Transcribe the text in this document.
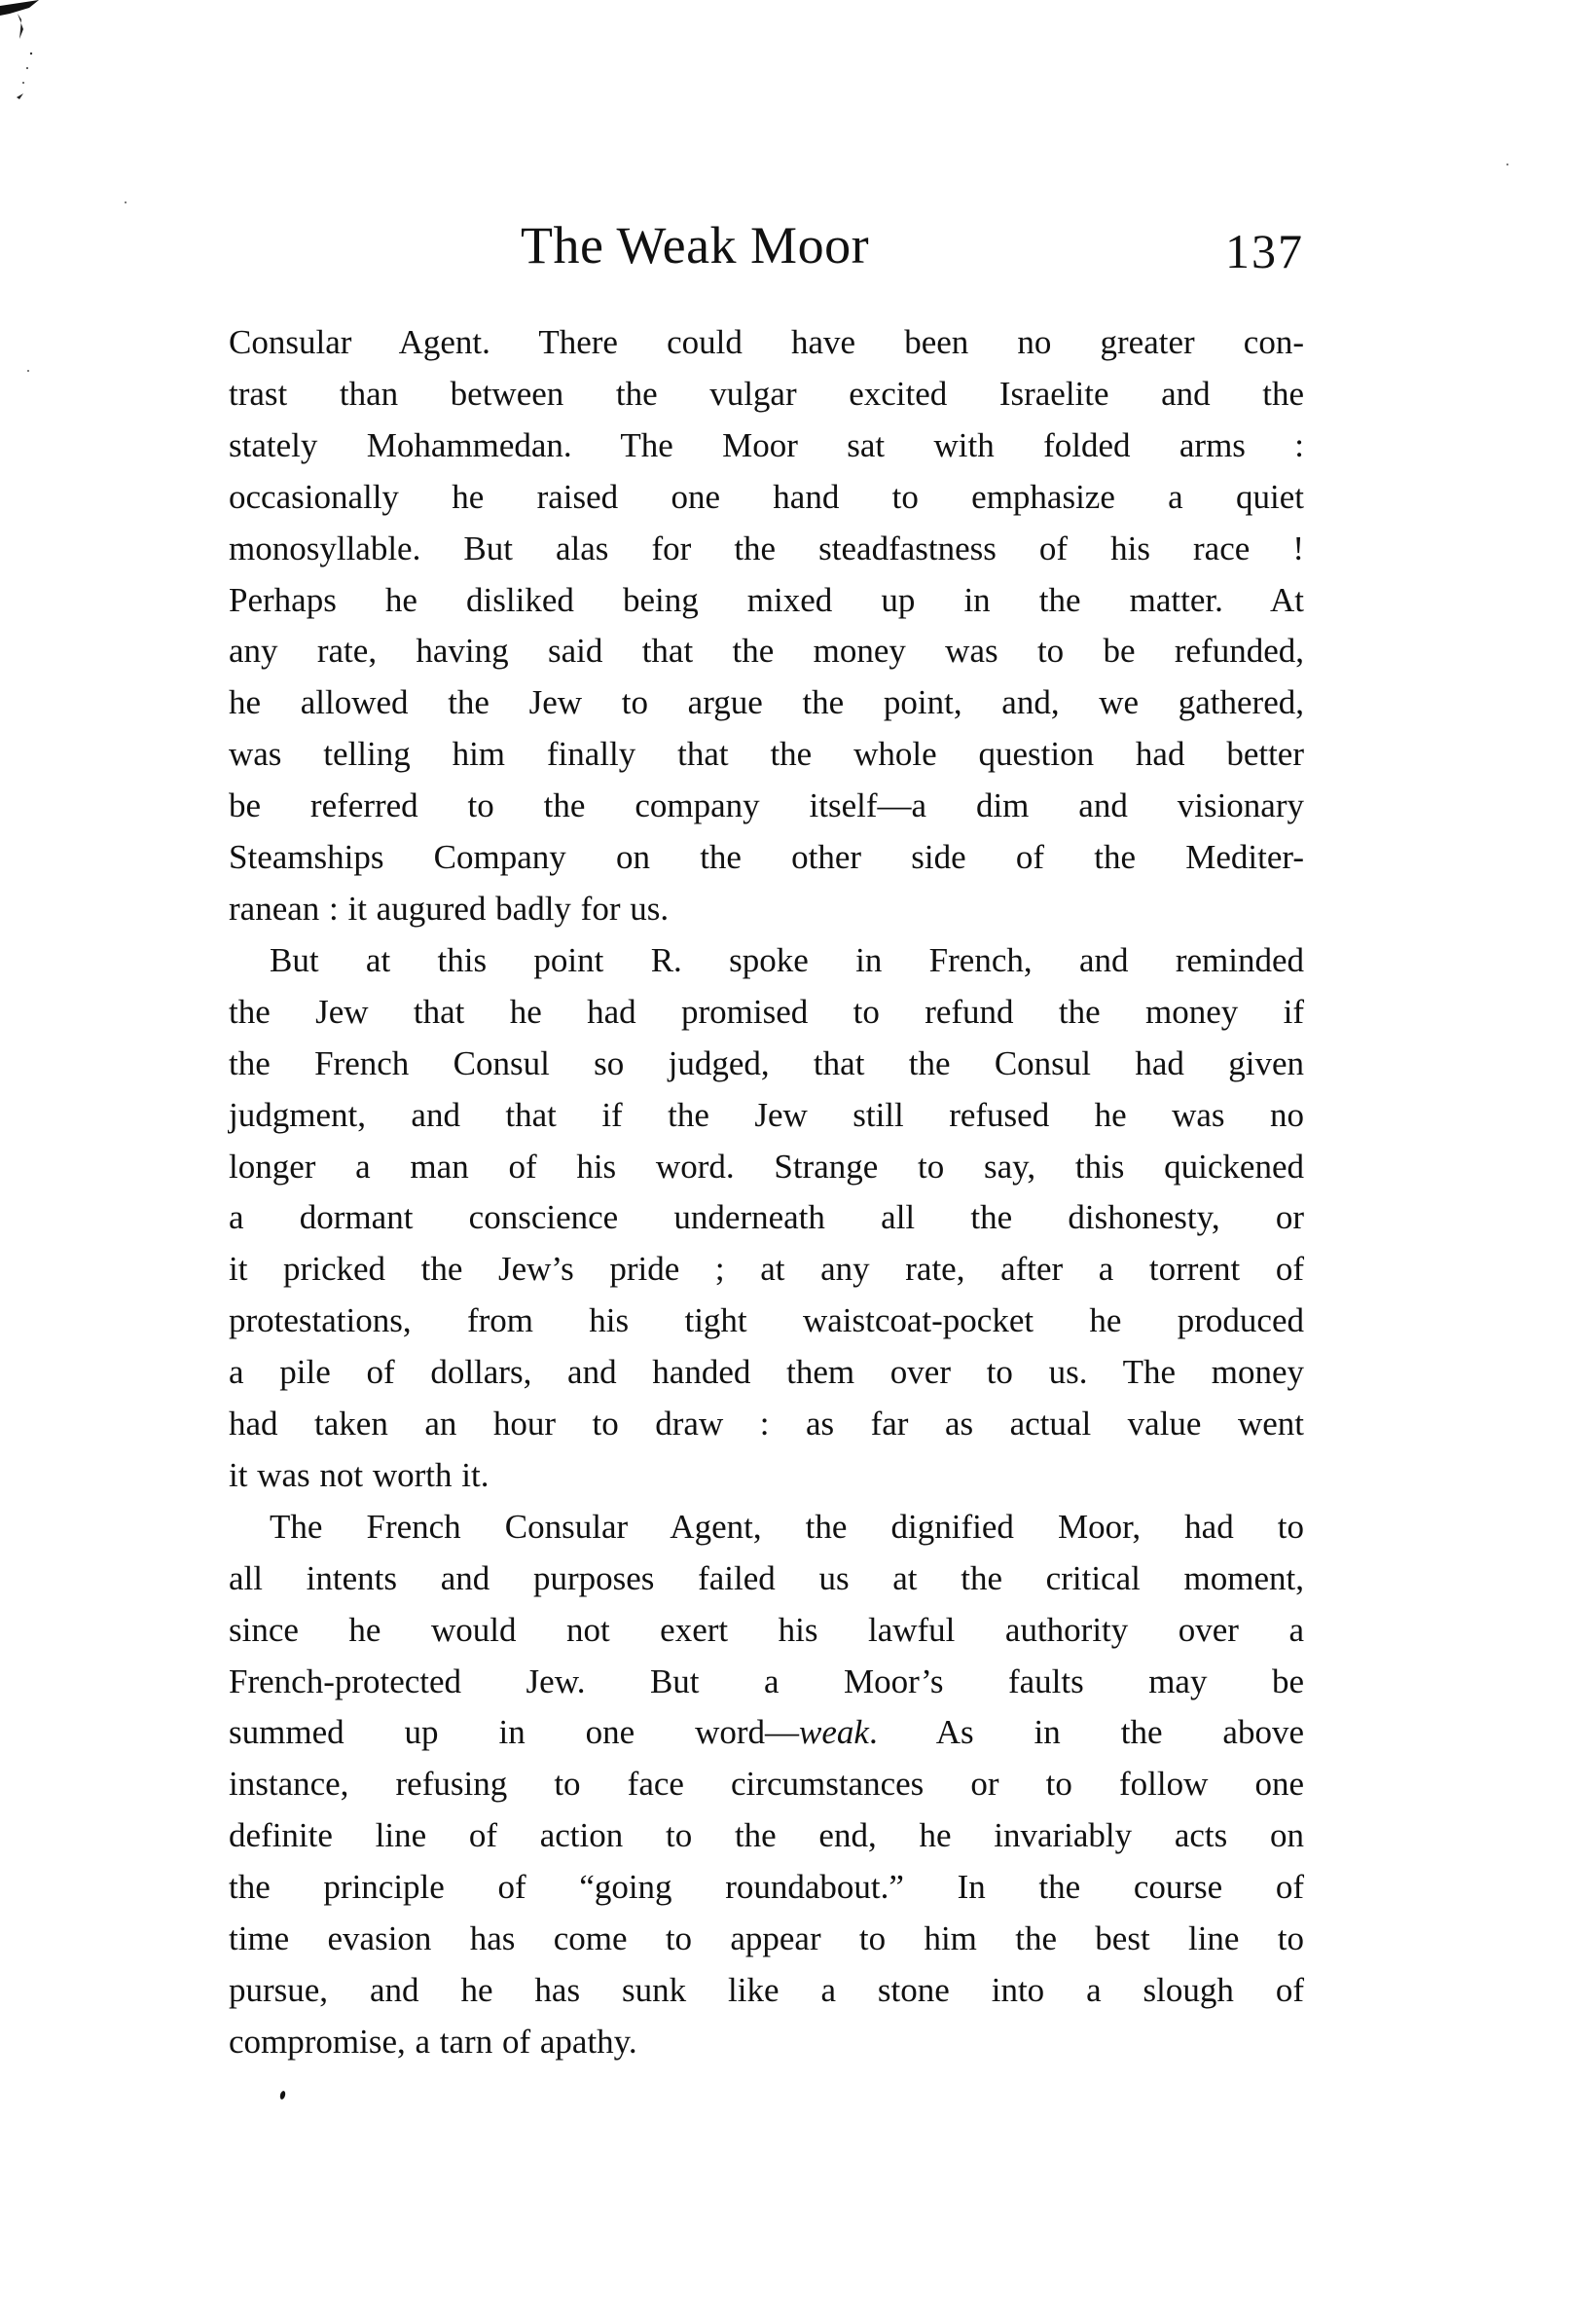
The Weak Moor	137

Consular Agent. There could have been no greater con-
trast than between the vulgar excited Israelite and the
stately Mohammedan. The Moor sat with folded arms :
occasionally he raised one hand to emphasize a quiet
monosyllable. But alas for the steadfastness of his race !
Perhaps he disliked being mixed up in the matter. At
any rate, having said that the money was to be refunded,
he allowed the Jew to argue the point, and, we gathered,
was telling him finally that the whole question had better
be referred to the company itself—a dim and visionary
Steamships Company on the other side of the Mediter-
ranean : it augured badly for us.

But at this point R. spoke in French, and reminded
the Jew that he had promised to refund the money if
the French Consul so judged, that the Consul had given
judgment, and that if the Jew still refused he was no
longer a man of his word. Strange to say, this quickened
a dormant conscience underneath all the dishonesty, or
it pricked the Jew’s pride ; at any rate, after a torrent of
protestations, from his tight waistcoat-pocket he produced
a pile of dollars, and handed them over to us. The money
had taken an hour to draw : as far as actual value went
it was not worth it.

The French Consular Agent, the dignified Moor, had to
all intents and purposes failed us at the critical moment,
since he would not exert his lawful authority over a
French-protected Jew. But a Moor’s faults may be
summed up in one word—weak. As in the above
instance, refusing to face circumstances or to follow one
definite line of action to the end, he invariably acts on
the principle of “going roundabout.” In the course of
time evasion has come to appear to him the best line to
pursue, and he has sunk like a stone into a slough of
compromise, a tarn of apathy.
